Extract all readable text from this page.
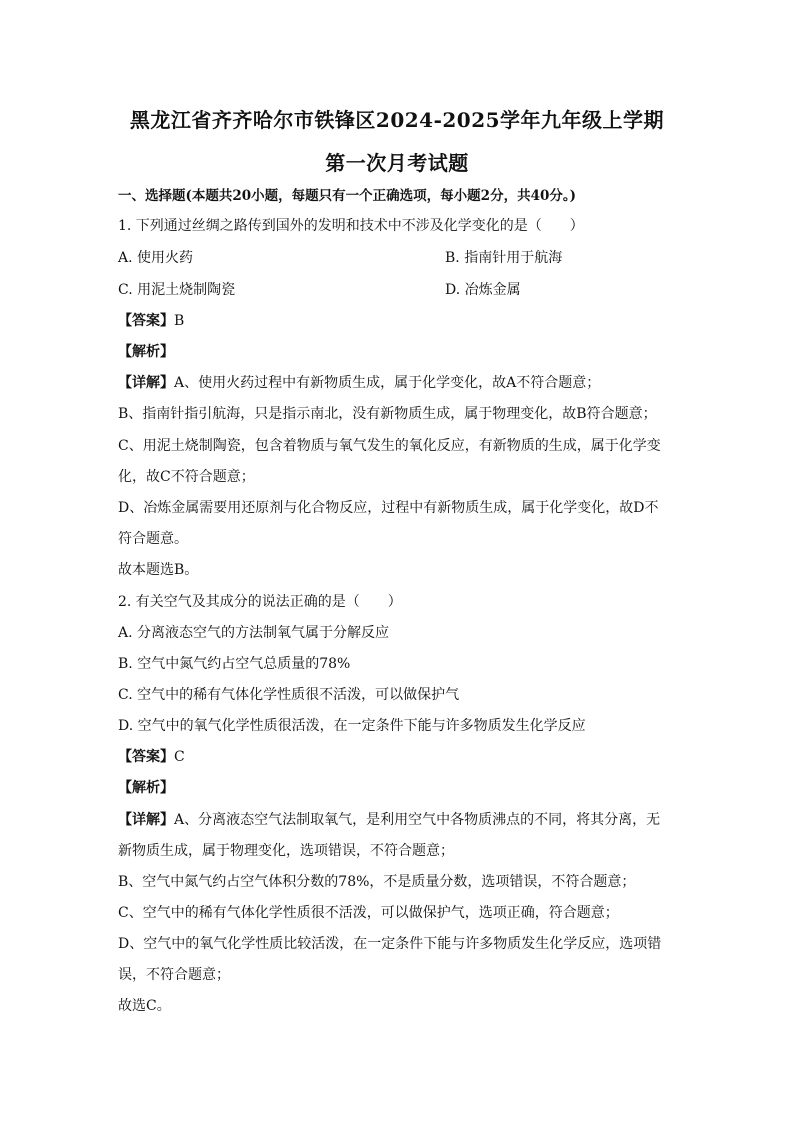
黑龙江省齐齐哈尔市铁锋区2024-2025学年九年级上学期
第一次月考试题
一、选择题(本题共20小题，每题只有一个正确选项，每小题2分，共40分。)
1. 下列通过丝绸之路传到国外的发明和技术中不涉及化学变化的是（　　）
A. 使用火药	B. 指南针用于航海
C. 用泥土烧制陶瓷	D. 冶炼金属
【答案】B
【解析】
【详解】A、使用火药过程中有新物质生成，属于化学变化，故A不符合题意；
B、指南针指引航海，只是指示南北，没有新物质生成，属于物理变化，故B符合题意；
C、用泥土烧制陶瓷，包含着物质与氧气发生的氧化反应，有新物质的生成，属于化学变
化，故C不符合题意；
D、冶炼金属需要用还原剂与化合物反应，过程中有新物质生成，属于化学变化，故D不
符合题意。
故本题选B。
2. 有关空气及其成分的说法正确的是（　　）
A. 分离液态空气的方法制氧气属于分解反应
B. 空气中氮气约占空气总质量的78%
C. 空气中的稀有气体化学性质很不活泼，可以做保护气
D. 空气中的氧气化学性质很活泼，在一定条件下能与许多物质发生化学反应
【答案】C
【解析】
【详解】A、分离液态空气法制取氧气，是利用空气中各物质沸点的不同，将其分离，无
新物质生成，属于物理变化，选项错误，不符合题意；
B、空气中氮气约占空气体积分数的78%，不是质量分数，选项错误，不符合题意；
C、空气中的稀有气体化学性质很不活泼，可以做保护气，选项正确，符合题意；
D、空气中的氧气化学性质比较活泼，在一定条件下能与许多物质发生化学反应，选项错
误，不符合题意；
故选C。
